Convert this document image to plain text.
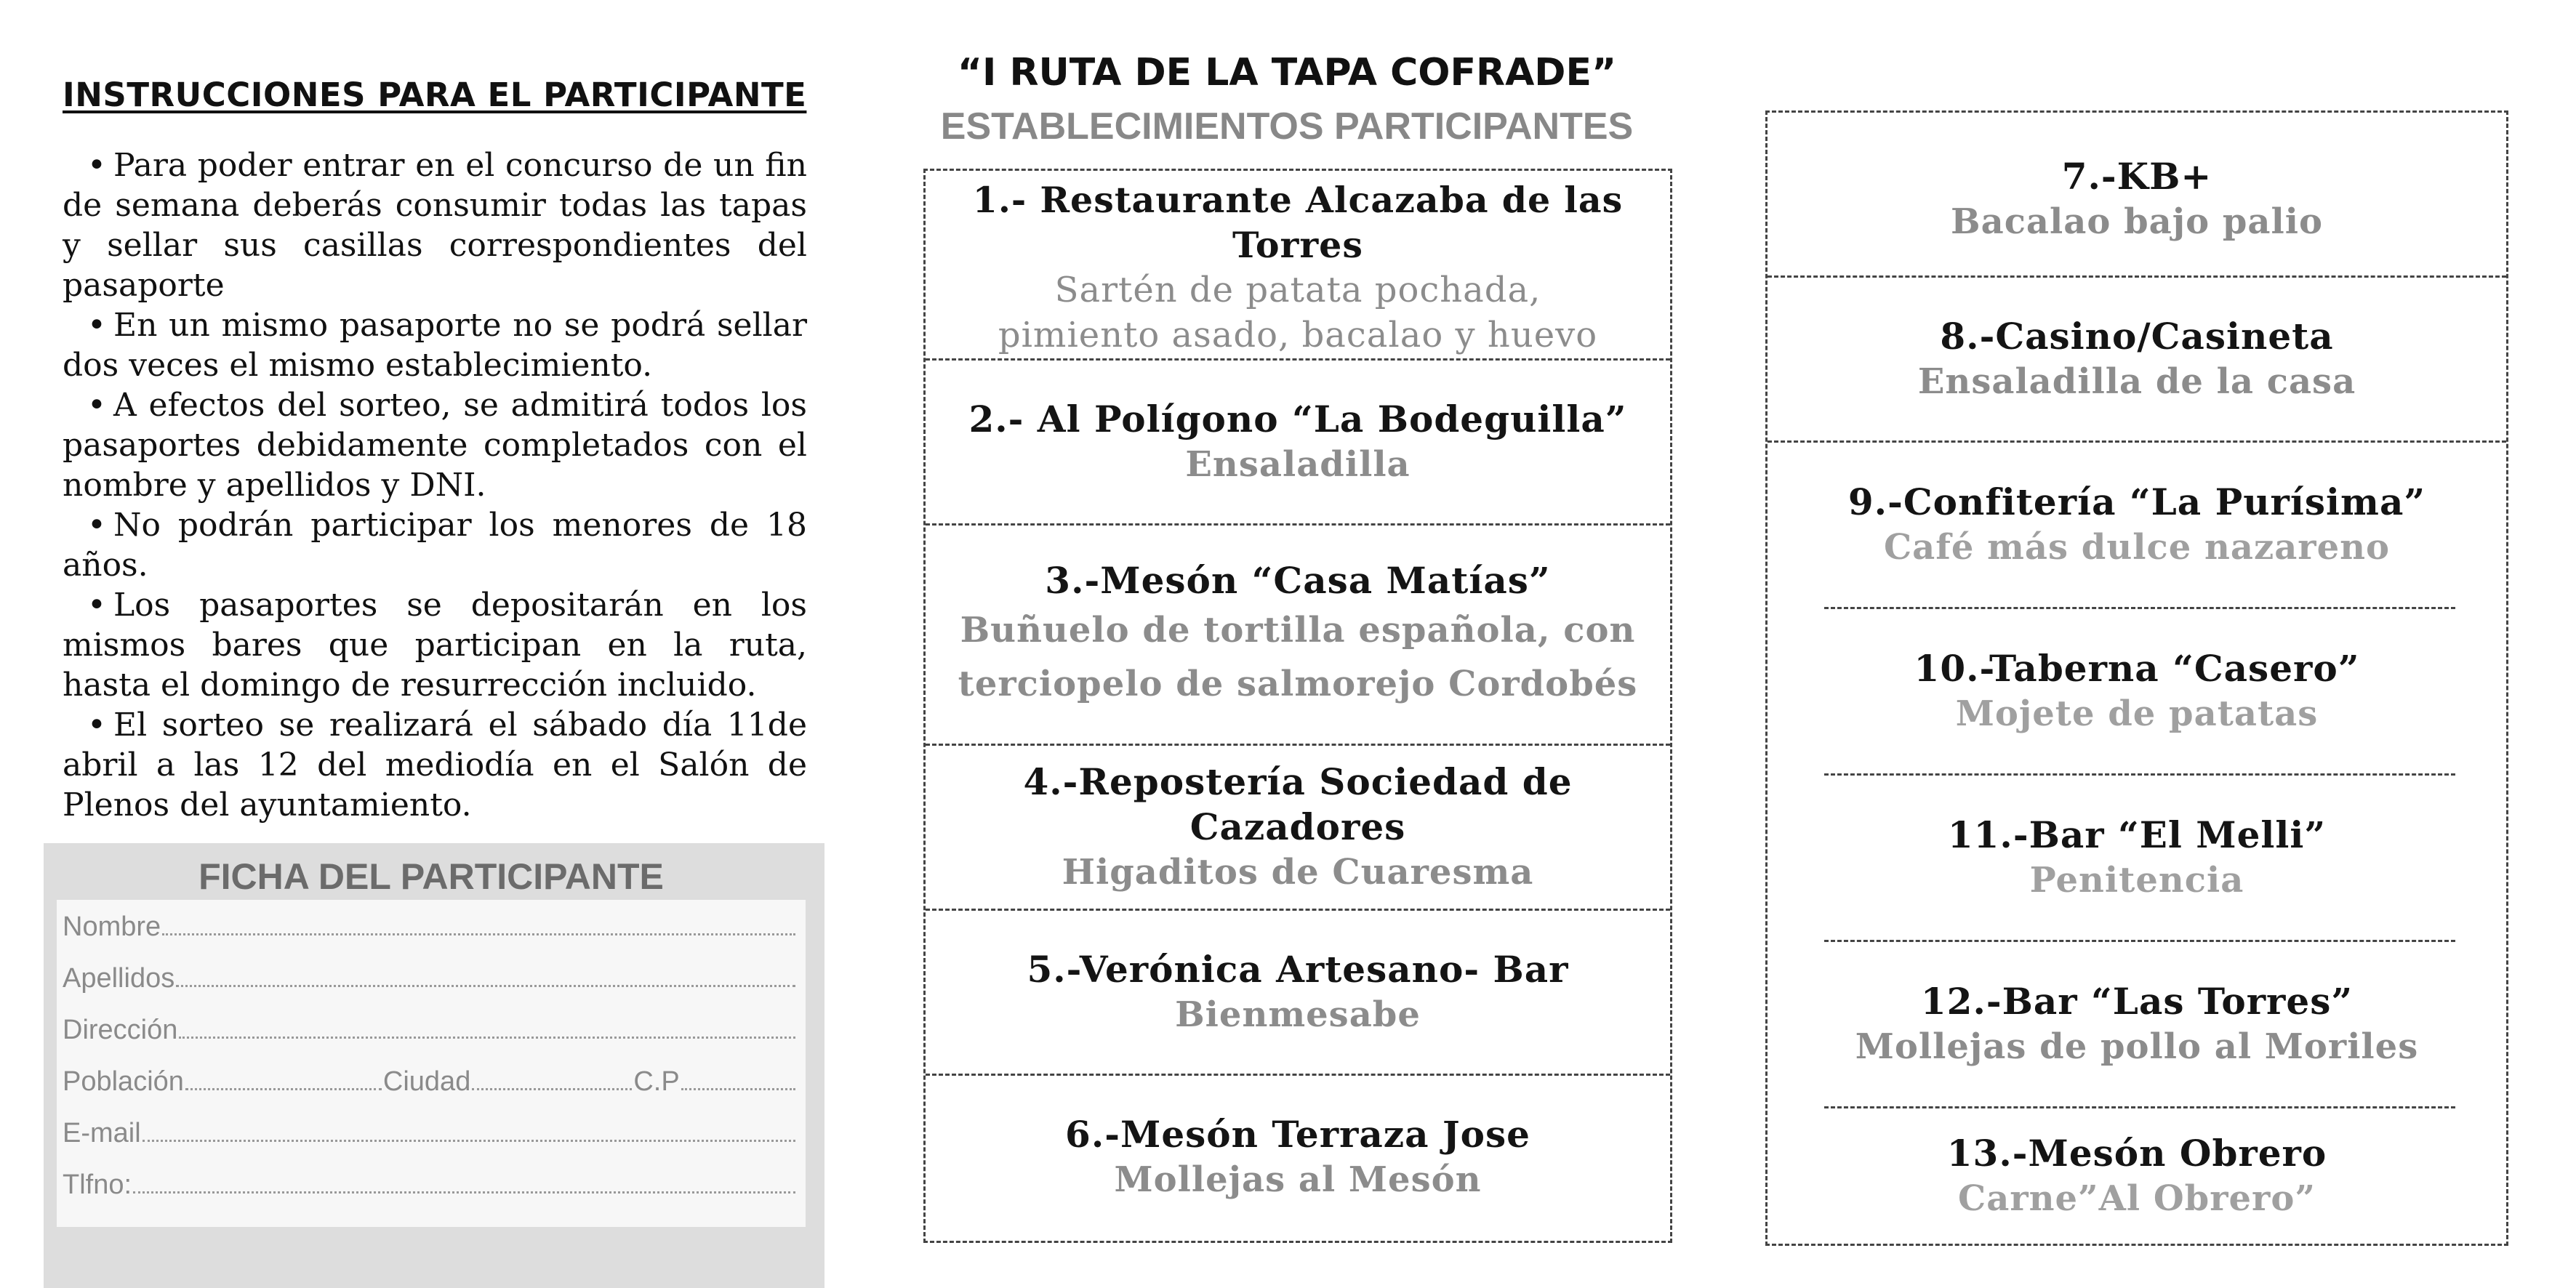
INSTRUCCIONES PARA EL PARTICIPANTE
• Para poder entrar en el concurso de un fin de semana deberás consumir todas las tapas y sellar sus casillas correspondientes del pasaporte
• En un mismo pasaporte no se podrá sellar dos veces el mismo establecimiento.
• A efectos del sorteo, se admitirá todos los pasaportes debidamente completados con el nombre y apellidos y DNI.
• No podrán participar los menores de 18 años.
• Los pasaportes se depositarán en los mismos bares que participan en la ruta, hasta el domingo de resurrección incluido.
• El sorteo se realizará el sábado día 11de abril a las 12 del mediodía en el Salón de Plenos del ayuntamiento.
FICHA DEL PARTICIPANTE
Nombre
Apellidos
Dirección
Población	Ciudad	C.P
E-mail
Tlfno:
“I RUTA DE LA TAPA COFRADE”
ESTABLECIMIENTOS PARTICIPANTES
1.- Restaurante Alcazaba de las Torres
Sartén de patata pochada, pimiento asado, bacalao y huevo
2.- Al Polígono “La Bodeguilla”
Ensaladilla
3.-Mesón “Casa Matías”
Buñuelo de tortilla española, con terciopelo de salmorejo Cordobés
4.-Repostería Sociedad de Cazadores
Higaditos de Cuaresma
5.-Verónica Artesano- Bar
Bienmesabe
6.-Mesón Terraza Jose
Mollejas al Mesón
7.-KB+
Bacalao bajo palio
8.-Casino/Casineta
Ensaladilla de la casa
9.-Confitería “La Purísima”
Café más dulce nazareno
10.-Taberna “Casero”
Mojete de patatas
11.-Bar “El Melli”
Penitencia
12.-Bar “Las Torres”
Mollejas de pollo al Moriles
13.-Mesón Obrero
Carne”Al Obrero”
